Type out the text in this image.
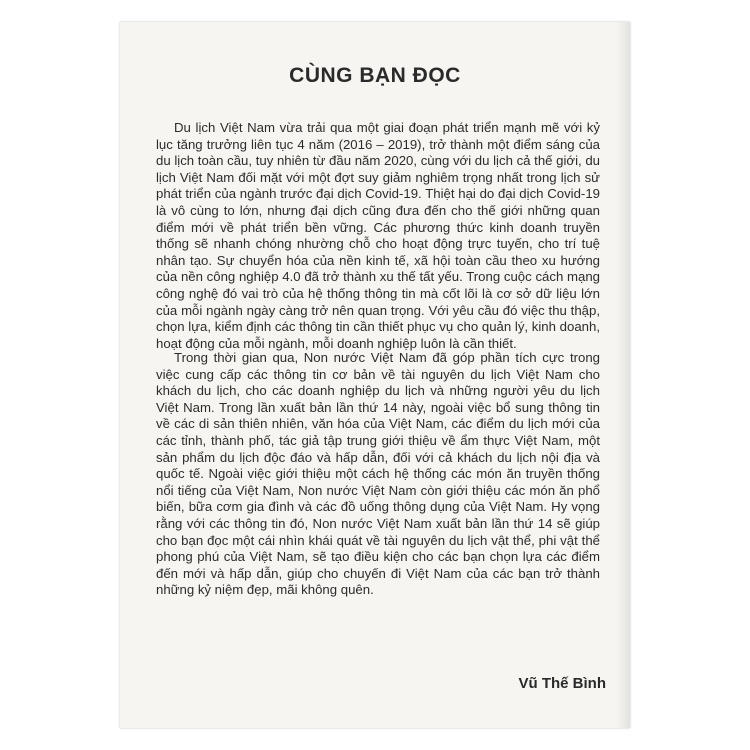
CÙNG BẠN ĐỌC

Du lịch Việt Nam vừa trải qua một giai đoạn phát triển mạnh mẽ với kỷ lục tăng trưởng liên tục 4 năm (2016 – 2019), trở thành một điểm sáng của du lịch toàn cầu, tuy nhiên từ đầu năm 2020, cùng với du lịch cả thế giới, du lịch Việt Nam đối mặt với một đợt suy giảm nghiêm trọng nhất trong lịch sử phát triển của ngành trước đại dịch Covid-19. Thiệt hại do đại dịch Covid-19 là vô cùng to lớn, nhưng đại dịch cũng đưa đến cho thế giới những quan điểm mới về phát triển bền vững. Các phương thức kinh doanh truyền thống sẽ nhanh chóng nhường chỗ cho hoạt động trực tuyến, cho trí tuệ nhân tạo. Sự chuyển hóa của nền kinh tế, xã hội toàn cầu theo xu hướng của nền công nghiệp 4.0 đã trở thành xu thế tất yếu. Trong cuộc cách mạng công nghệ đó vai trò của hệ thống thông tin mà cốt lõi là cơ sở dữ liệu lớn của mỗi ngành ngày càng trở nên quan trọng. Với yêu cầu đó việc thu thập, chọn lựa, kiểm định các thông tin cần thiết phục vụ cho quản lý, kinh doanh, hoạt động của mỗi ngành, mỗi doanh nghiệp luôn là cần thiết.

Trong thời gian qua, Non nước Việt Nam đã góp phần tích cực trong việc cung cấp các thông tin cơ bản về tài nguyên du lịch Việt Nam cho khách du lịch, cho các doanh nghiệp du lịch và những người yêu du lịch Việt Nam. Trong lần xuất bản lần thứ 14 này, ngoài việc bổ sung thông tin về các di sản thiên nhiên, văn hóa của Việt Nam, các điểm du lịch mới của các tỉnh, thành phố, tác giả tập trung giới thiệu về ẩm thực Việt Nam, một sản phẩm du lịch độc đáo và hấp dẫn, đối với cả khách du lịch nội địa và quốc tế. Ngoài việc giới thiệu một cách hệ thống các món ăn truyền thống nổi tiếng của Việt Nam, Non nước Việt Nam còn giới thiệu các món ăn phổ biến, bữa cơm gia đình và các đồ uống thông dụng của Việt Nam. Hy vọng rằng với các thông tin đó, Non nước Việt Nam xuất bản lần thứ 14 sẽ giúp cho bạn đọc một cái nhìn khái quát về tài nguyên du lịch vật thể, phi vật thể phong phú của Việt Nam, sẽ tạo điều kiện cho các bạn chọn lựa các điểm đến mới và hấp dẫn, giúp cho chuyến đi Việt Nam của các bạn trở thành những kỷ niệm đẹp, mãi không quên.

Vũ Thế Bình
